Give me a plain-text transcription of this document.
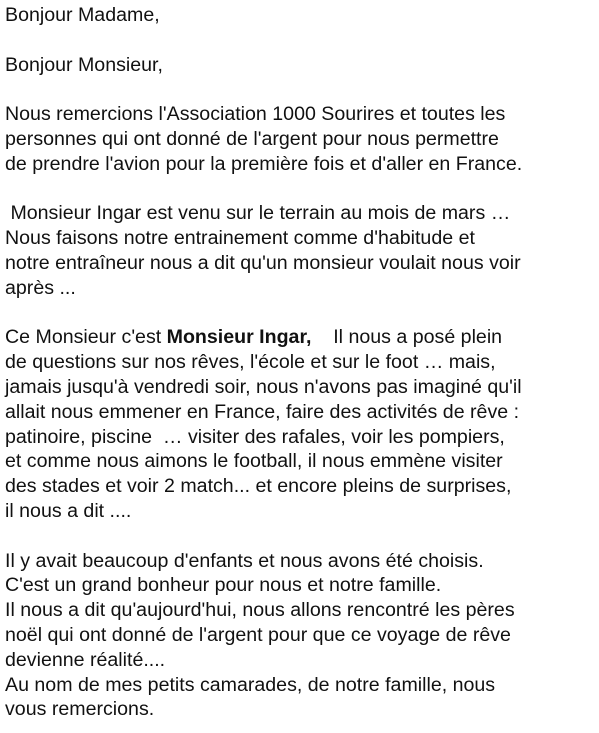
Bonjour Madame,
Bonjour Monsieur,
Nous remercions l'Association 1000 Sourires et toutes les
personnes qui ont donné de l'argent pour nous permettre
de prendre l'avion pour la première fois et d'aller en France.
Monsieur Ingar est venu sur le terrain au mois de mars …
Nous faisons notre entrainement comme d'habitude et
notre entraîneur nous a dit qu'un monsieur voulait nous voir
après ...
Ce Monsieur c'est Monsieur Ingar,    Il nous a posé plein
de questions sur nos rêves, l'école et sur le foot … mais,
jamais jusqu'à vendredi soir, nous n'avons pas imaginé qu'il
allait nous emmener en France, faire des activités de rêve :
patinoire, piscine  … visiter des rafales, voir les pompiers,
et comme nous aimons le football, il nous emmène visiter
des stades et voir 2 match... et encore pleins de surprises,
il nous a dit ....
Il y avait beaucoup d'enfants et nous avons été choisis.
C'est un grand bonheur pour nous et notre famille.
Il nous a dit qu'aujourd'hui, nous allons rencontré les pères
noël qui ont donné de l'argent pour que ce voyage de rêve
devienne réalité....
Au nom de mes petits camarades, de notre famille, nous
vous remercions.
